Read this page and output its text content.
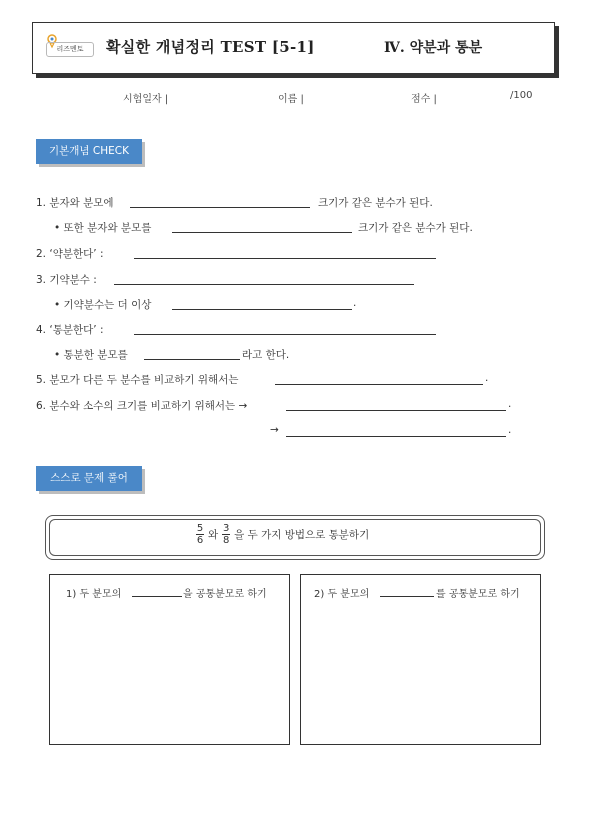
리즈멘토	확실한 개념정리 TEST [5-1]	Ⅳ. 약분과 통분
시험일자 |	이름 |	점수 |	/100
기본개념 CHECK
1. 분자와 분모에	크기가 같은 분수가 된다.
• 또한 분자와 분모를	크기가 같은 분수가 된다.
2. ‘약분한다’ :
3. 기약분수 :
• 기약분수는 더 이상	.
4. ‘통분한다’ :
• 통분한 분모를	라고 한다.
5. 분모가 다른 두 분수를 비교하기 위해서는	.
6. 분수와 소수의 크기를 비교하기 위해서는 →	.
→	.
스스로 문제 풀어
$\frac{5}{6}$ 와 $\frac{3}{8}$ 을 두 가지 방법으로 통분하기
1) 두 분모의	을 공통분모로 하기	2) 두 분모의	를 공통분모로 하기
